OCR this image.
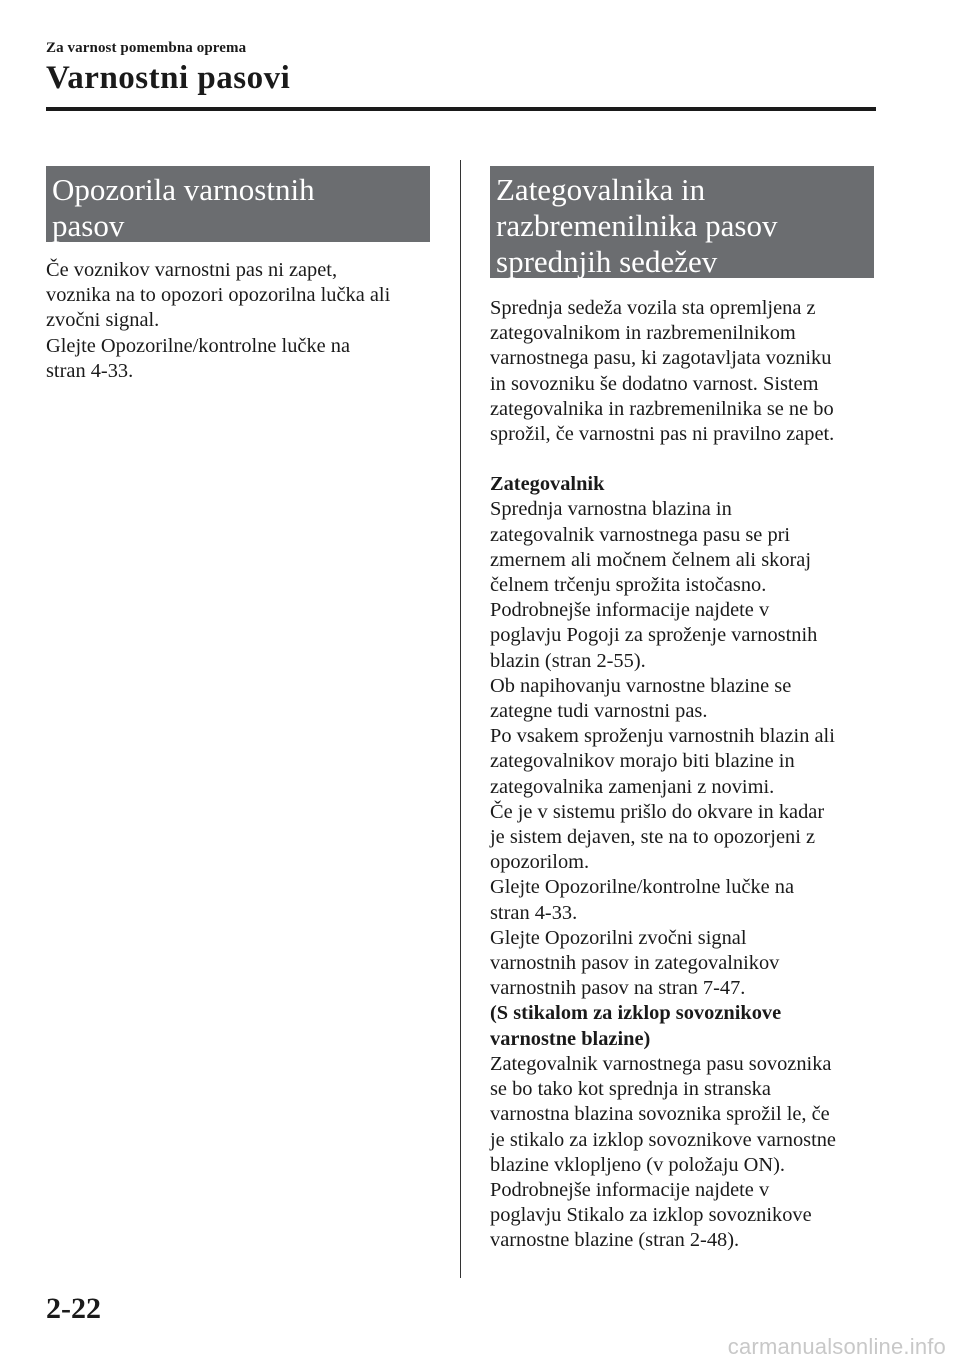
Za varnost pomembna oprema
Varnostni pasovi
Opozorila varnostnih
pasov

Če voznikov varnostni pas ni zapet,

voznika na to opozori opozorilna lučka ali

zvočni signal.

Glejte Opozorilne/kontrolne lučke na

stran 4-33.

Zategovalnika in
razbremenilnika pasov
sprednjih sedežev

Sprednja sedeža vozila sta opremljena z

zategovalnikom in razbremenilnikom

varnostnega pasu, ki zagotavljata vozniku

in sovozniku še dodatno varnost. Sistem

zategovalnika in razbremenilnika se ne bo

sprožil, če varnostni pas ni pravilno zapet.

Zategovalnik

Sprednja varnostna blazina in

zategovalnik varnostnega pasu se pri

zmernem ali močnem čelnem ali skoraj

čelnem trčenju sprožita istočasno.

Podrobnejše informacije najdete v

poglavju Pogoji za sproženje varnostnih

blazin (stran 2-55).

Ob napihovanju varnostne blazine se

zategne tudi varnostni pas.

Po vsakem sproženju varnostnih blazin ali

zategovalnikov morajo biti blazine in

zategovalnika zamenjani z novimi.

Če je v sistemu prišlo do okvare in kadar

je sistem dejaven, ste na to opozorjeni z

opozorilom.

Glejte Opozorilne/kontrolne lučke na

stran 4-33.

Glejte Opozorilni zvočni signal

varnostnih pasov in zategovalnikov

varnostnih pasov na stran 7-47.

(S stikalom za izklop sovoznikove

varnostne blazine)

Zategovalnik varnostnega pasu sovoznika

se bo tako kot sprednja in stranska

varnostna blazina sovoznika sprožil le, če

je stikalo za izklop sovoznikove varnostne

blazine vklopljeno (v položaju ON).

Podrobnejše informacije najdete v

poglavju Stikalo za izklop sovoznikove

varnostne blazine (stran 2-48).

2-22
carmanualsonline.info
